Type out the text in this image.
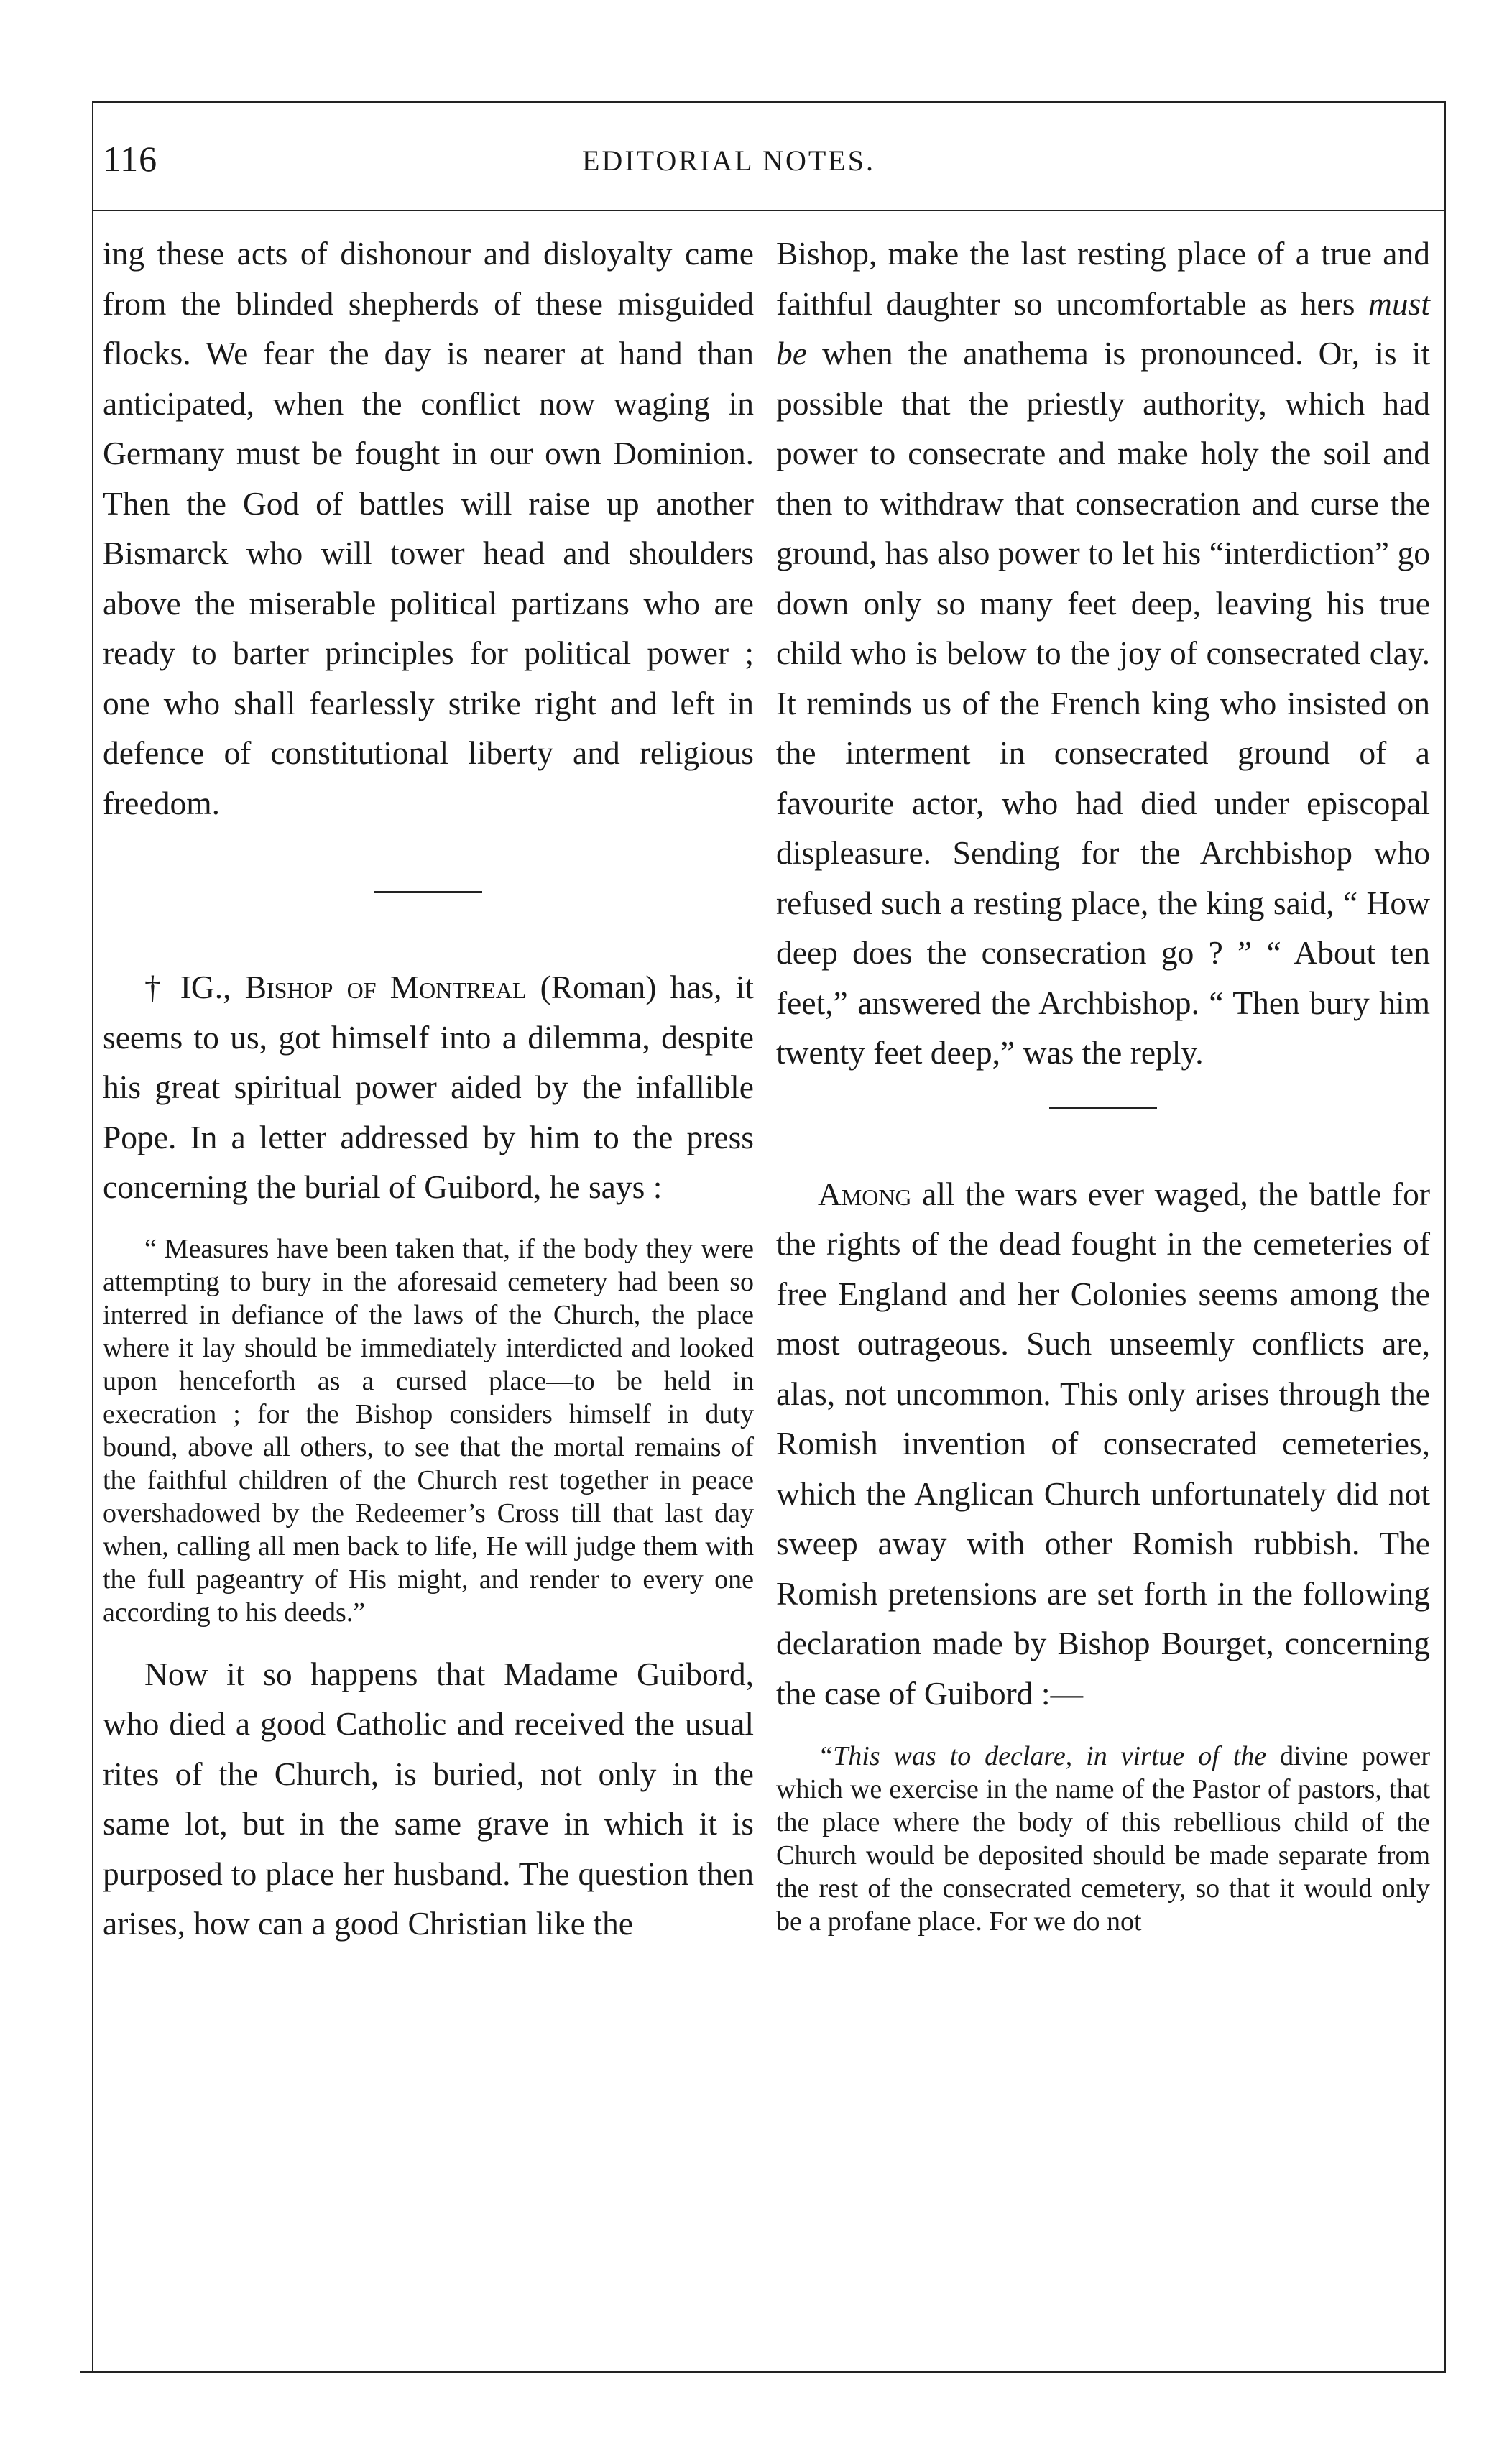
116	EDITORIAL NOTES.

ing these acts of dishonour and disloyalty came from the blinded shepherds of these misguided flocks. We fear the day is nearer at hand than anticipated, when the conflict now waging in Germany must be fought in our own Dominion. Then the God of battles will raise up another Bismarck who will tower head and shoulders above the miserable political partizans who are ready to barter principles for political power ; one who shall fearlessly strike right and left in defence of constitutional liberty and religious freedom.

† IG., Bishop of Montreal (Roman) has, it seems to us, got himself into a dilemma, despite his great spiritual power aided by the infallible Pope. In a letter addressed by him to the press concerning the burial of Guibord, he says :

“ Measures have been taken that, if the body they were attempting to bury in the aforesaid cemetery had been so interred in defiance of the laws of the Church, the place where it lay should be immediately interdicted and looked upon henceforth as a cursed place—to be held in execration ; for the Bishop considers himself in duty bound, above all others, to see that the mortal remains of the faithful children of the Church rest together in peace overshadowed by the Redeemer’s Cross till that last day when, calling all men back to life, He will judge them with the full pageantry of His might, and render to every one according to his deeds.”

Now it so happens that Madame Guibord, who died a good Catholic and received the usual rites of the Church, is buried, not only in the same lot, but in the same grave in which it is purposed to place her husband. The question then arises, how can a good Christian like the

Bishop, make the last resting place of a true and faithful daughter so uncomfortable as hers must be when the anathema is pronounced. Or, is it possible that the priestly authority, which had power to consecrate and make holy the soil and then to withdraw that consecration and curse the ground, has also power to let his “interdiction” go down only so many feet deep, leaving his true child who is below to the joy of consecrated clay. It reminds us of the French king who insisted on the interment in consecrated ground of a favourite actor, who had died under episcopal displeasure. Sending for the Archbishop who refused such a resting place, the king said, “ How deep does the consecration go ? ” “ About ten feet,” answered the Archbishop. “ Then bury him twenty feet deep,” was the reply.

Among all the wars ever waged, the battle for the rights of the dead fought in the cemeteries of free England and her Colonies seems among the most outrageous. Such unseemly conflicts are, alas, not uncommon. This only arises through the Romish invention of consecrated cemeteries, which the Anglican Church unfortunately did not sweep away with other Romish rubbish. The Romish pretensions are set forth in the following declaration made by Bishop Bourget, concerning the case of Guibord :—

“This was to declare, in virtue of the divine power which we exercise in the name of the Pastor of pastors, that the place where the body of this rebellious child of the Church would be deposited should be made separate from the rest of the consecrated cemetery, so that it would only be a profane place. For we do not
